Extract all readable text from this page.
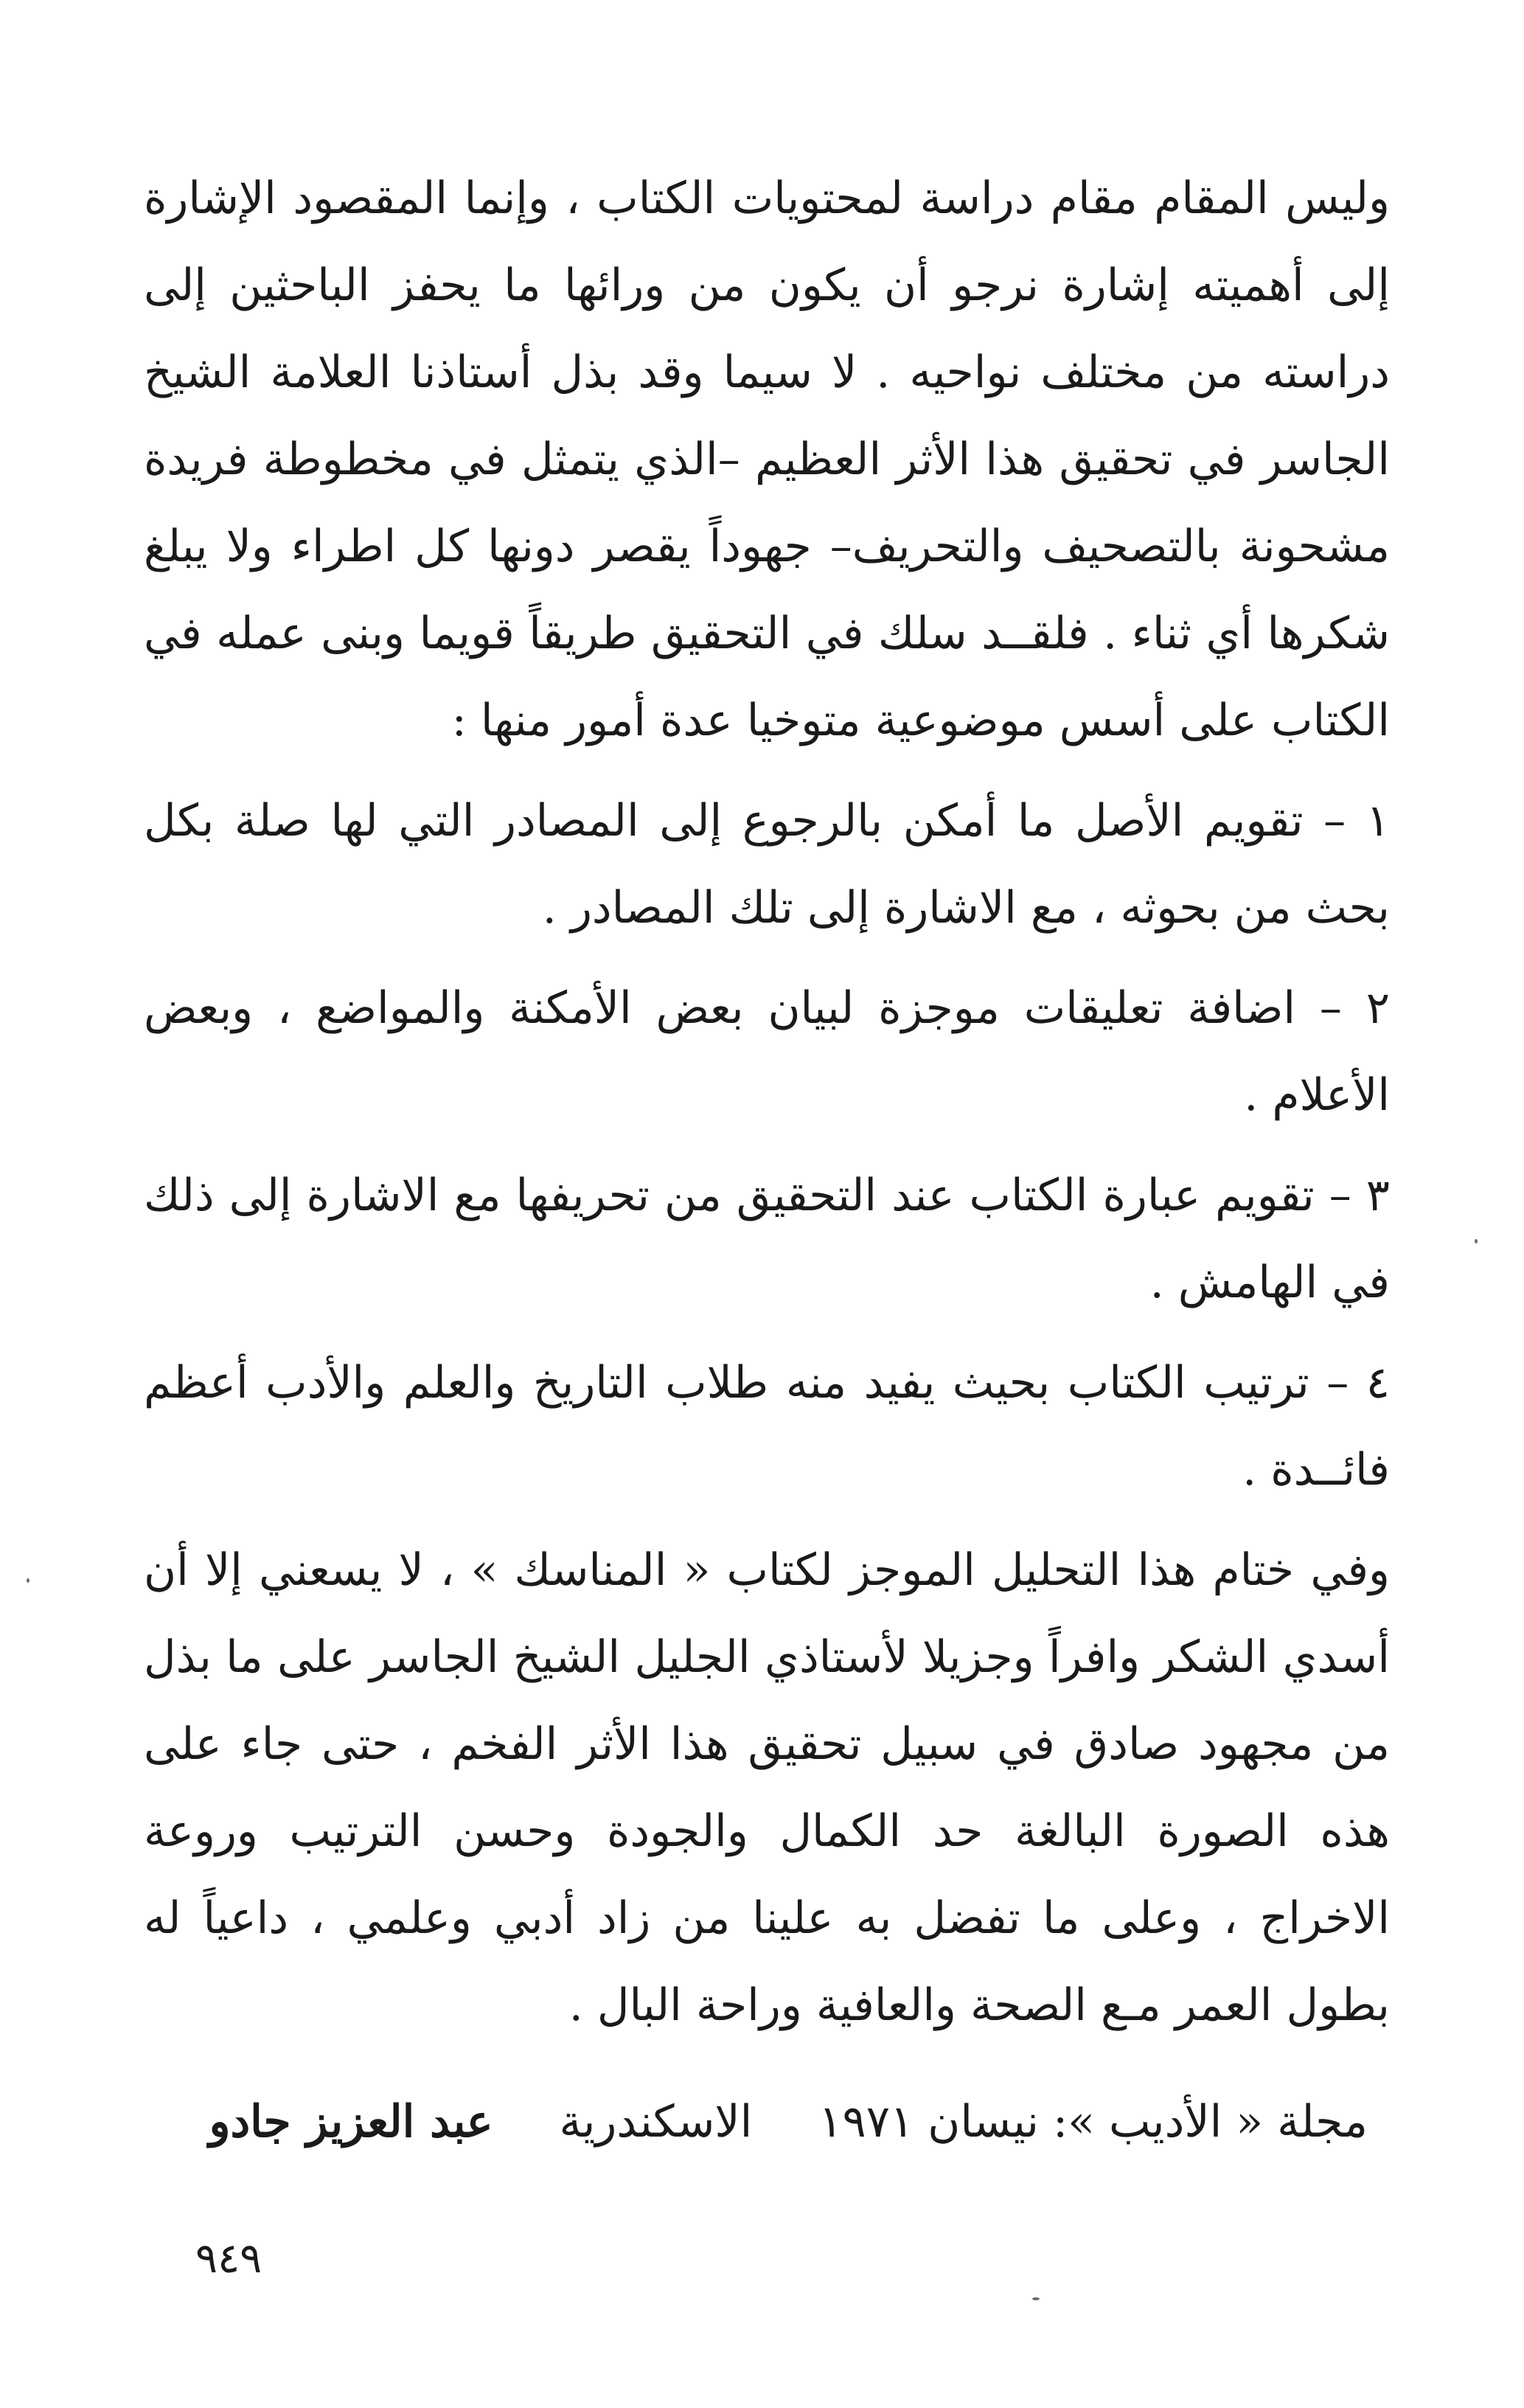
وليس المقام مقام دراسة لمحتويات الكتاب ، وإنما المقصود الإشارة إلى أهميته إشارة نرجو أن يكون من ورائها ما يحفز الباحثين إلى دراسته من مختلف نواحيه . لا سيما وقد بذل أستاذنا العلامة الشيخ الجاسر في تحقيق هذا الأثر العظيم –الذي يتمثل في مخطوطة فريدة مشحونة بالتصحيف والتحريف– جهوداً يقصر دونها كل اطراء ولا يبلغ شكرها أي ثناء . فلقــد سلك في التحقيق طريقاً قويما وبنى عمله في الكتاب على أسس موضوعية متوخيا عدة أمور منها :

١ – تقويم الأصل ما أمكن بالرجوع إلى المصادر التي لها صلة بكل بحث من بحوثه ، مع الاشارة إلى تلك المصادر .

٢ – اضافة تعليقات موجزة لبيان بعض الأمكنة والمواضع ، وبعض الأعلام .

٣ – تقويم عبارة الكتاب عند التحقيق من تحريفها مع الاشارة إلى ذلك في الهامش .

٤ – ترتيب الكتاب بحيث يفيد منه طلاب التاريخ والعلم والأدب أعظم فائــدة .

وفي ختام هذا التحليل الموجز لكتاب « المناسك » ، لا يسعني إلا أن أسدي الشكر وافراً وجزيلا لأستاذي الجليل الشيخ الجاسر على ما بذل من مجهود صادق في سبيل تحقيق هذا الأثر الفخم ، حتى جاء على هذه الصورة البالغة حد الكمال والجودة وحسن الترتيب وروعة الاخراج ، وعلى ما تفضل به علينا من زاد أدبي وعلمي ، داعياً له بطول العمر مـع الصحة والعافية وراحة البال .

مجلة « الأديب »: نيسان ١٩٧١
الاسكندرية
عبد العزيز جادو
٩٤٩
